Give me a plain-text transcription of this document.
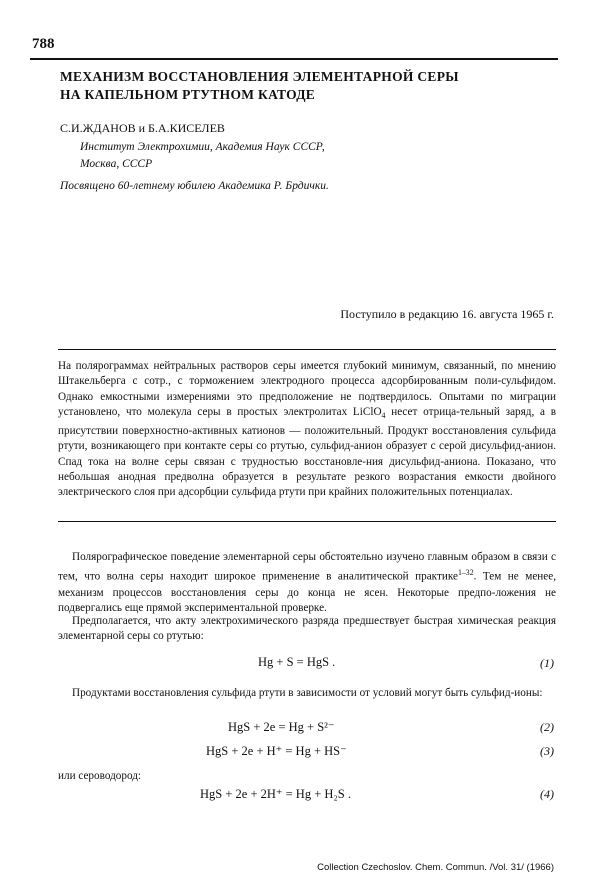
788
МЕХАНИЗМ ВОССТАНОВЛЕНИЯ ЭЛЕМЕНТАРНОЙ СЕРЫ
НА КАПЕЛЬНОМ РТУТНОМ КАТОДЕ
С.И.ЖДАНОВ и Б.А.КИСЕЛЕВ
Институт Электрохимии, Академия Наук СССР,
Москва, СССР
Посвящено 60-летнему юбилею Академика Р. Брдички.
Поступило в редакцию 16. августа 1965 г.
На полярограммах нейтральных растворов серы имеется глубокий минимум, связанный, по мнению Штакельберга с сотр., с торможением электродного процесса адсорбированным поли-сульфидом. Однако емкостными измерениями это предположение не подтвердилось. Опытами по миграции установлено, что молекула серы в простых электролитах LiClO$_4$ несет отрица-тельный заряд, а в присутствии поверхностно-активных катионов — положительный. Продукт восстановления сульфида ртути, возникающего при контакте серы со ртутью, сульфид-анион образует с серой дисульфид-анион. Спад тока на волне серы связан с трудностью восстановле-ния дисульфид-аниона. Показано, что небольшая анодная предволна образуется в результате резкого возрастания емкости двойного электрического слоя при адсорбции сульфида ртути при крайних положительных потенциалах.
Полярографическое поведение элементарной серы обстоятельно изучено главным образом в связи с тем, что волна серы находит широкое применение в аналитической практике$^{1-32}$. Тем не менее, механизм процессов восстановления серы до конца не ясен. Некоторые предпо-ложения не подвергались еще прямой экспериментальной проверке.
Предполагается, что акту электрохимического разряда предшествует быстрая химическая реакция элементарной серы со ртутью:
Hg + S = HgS .	(1)
Продуктами восстановления сульфида ртути в зависимости от условий могут быть сульфид-ионы:
HgS + 2e = Hg + S²⁻	(2)
HgS + 2e + H⁺ = Hg + HS⁻	(3)
или сероводород:
HgS + 2e + 2H⁺ = Hg + H₂S .	(4)
Collection Czechoslov. Chem. Commun. /Vol. 31/ (1966)
